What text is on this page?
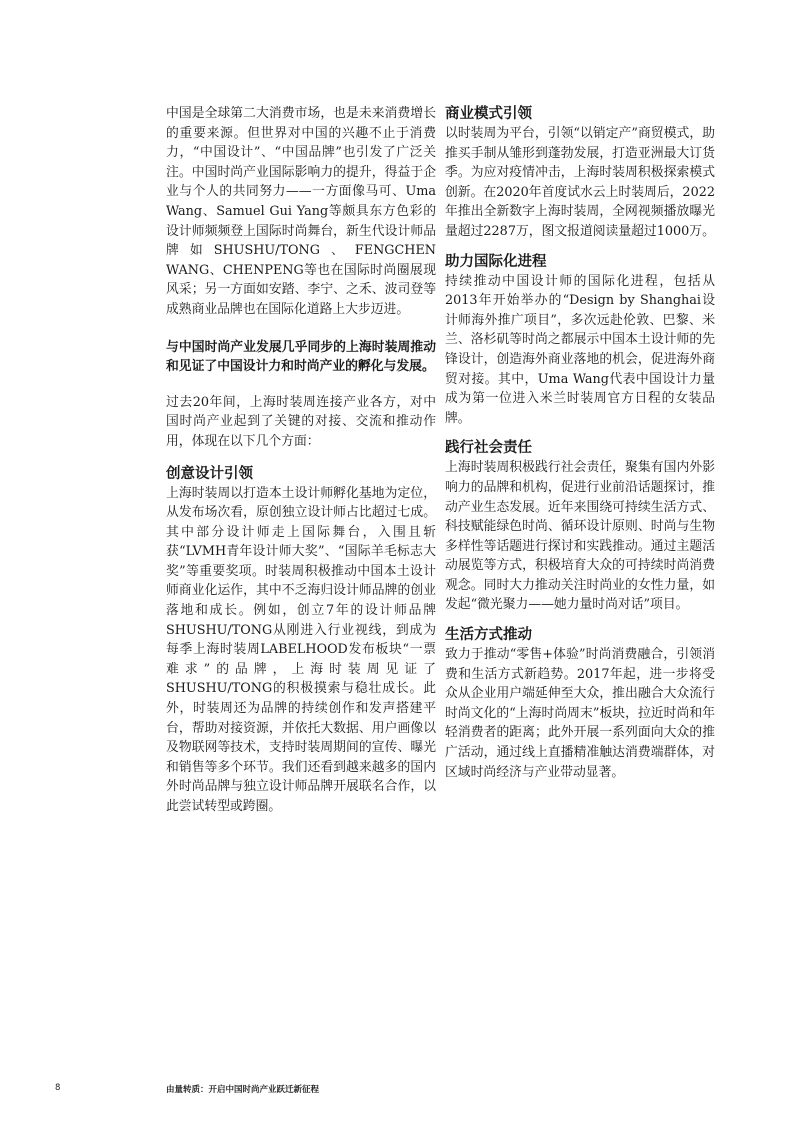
中国是全球第二大消费市场，也是未来消费增长的重要来源。但世界对中国的兴趣不止于消费力，“中国设计”、“中国品牌”也引发了广泛关注。中国时尚产业国际影响力的提升，得益于企业与个人的共同努力——一方面像马可、Uma Wang、Samuel Gui Yang等颇具东方色彩的设计师频频登上国际时尚舞台，新生代设计师品牌如SHUSHU/TONG、FENGCHEN WANG、CHENPENG等也在国际时尚圈展现风采；另一方面如安踏、李宁、之禾、波司登等成熟商业品牌也在国际化道路上大步迈进。

与中国时尚产业发展几乎同步的上海时装周推动和见证了中国设计力和时尚产业的孵化与发展。

过去20年间，上海时装周连接产业各方，对中国时尚产业起到了关键的对接、交流和推动作用，体现在以下几个方面：

创意设计引领

上海时装周以打造本土设计师孵化基地为定位，从发布场次看，原创独立设计师占比超过七成。其中部分设计师走上国际舞台，入围且斩获“LVMH青年设计师大奖”、“国际羊毛标志大奖”等重要奖项。时装周积极推动中国本土设计师商业化运作，其中不乏海归设计师品牌的创业落地和成长。例如，创立7年的设计师品牌SHUSHU/TONG从刚进入行业视线，到成为每季上海时装周LABELHOOD发布板块“一票难求”的品牌，上海时装周见证了SHUSHU/TONG的积极摸索与稳壮成长。此外，时装周还为品牌的持续创作和发声搭建平台，帮助对接资源，并依托大数据、用户画像以及物联网等技术，支持时装周期间的宣传、曝光和销售等多个环节。我们还看到越来越多的国内外时尚品牌与独立设计师品牌开展联名合作，以此尝试转型或跨圈。

商业模式引领

以时装周为平台，引领“以销定产”商贸模式，助推买手制从雏形到蓬勃发展，打造亚洲最大订货季。为应对疫情冲击，上海时装周积极探索模式创新。在2020年首度试水云上时装周后，2022年推出全新数字上海时装周，全网视频播放曝光量超过2287万，图文报道阅读量超过1000万。

助力国际化进程

持续推动中国设计师的国际化进程，包括从2013年开始举办的“Design by Shanghai设计师海外推广项目”，多次远赴伦敦、巴黎、米兰、洛杉矶等时尚之都展示中国本土设计师的先锋设计，创造海外商业落地的机会，促进海外商贸对接。其中，Uma Wang代表中国设计力量成为第一位进入米兰时装周官方日程的女装品牌。

践行社会责任

上海时装周积极践行社会责任，聚集有国内外影响力的品牌和机构，促进行业前沿话题探讨，推动产业生态发展。近年来围绕可持续生活方式、科技赋能绿色时尚、循环设计原则、时尚与生物多样性等话题进行探讨和实践推动。通过主题活动展览等方式，积极培育大众的可持续时尚消费观念。同时大力推动关注时尚业的女性力量，如发起“微光聚力——她力量时尚对话”项目。

生活方式推动

致力于推动“零售+体验”时尚消费融合，引领消费和生活方式新趋势。2017年起，进一步将受众从企业用户端延伸至大众，推出融合大众流行时尚文化的“上海时尚周末”板块，拉近时尚和年轻消费者的距离；此外开展一系列面向大众的推广活动，通过线上直播精准触达消费端群体，对区域时尚经济与产业带动显著。

8	由量转质：开启中国时尚产业跃迁新征程
